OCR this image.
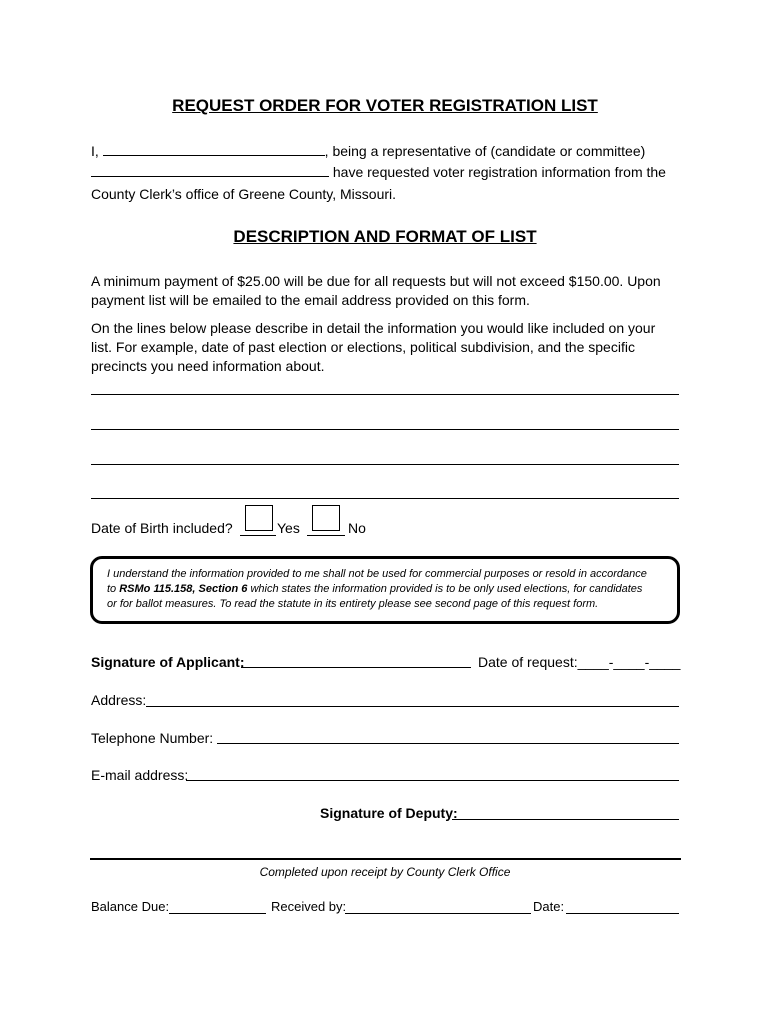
REQUEST ORDER FOR VOTER REGISTRATION LIST
I,	, being a representative of (candidate or committee)
have requested voter registration information from the
County Clerk’s office of Greene County, Missouri.
DESCRIPTION AND FORMAT OF LIST
A minimum payment of $25.00 will be due for all requests but will not exceed $150.00. Upon
payment list will be emailed to the email address provided on this form.
On the lines below please describe in detail the information you would like included on your
list. For example, date of past election or elections, political subdivision, and the specific
precincts you need information about.
Date of Birth included?	Yes	No
I understand the information provided to me shall not be used for commercial purposes or resold in accordance
to RSMo 115.158, Section 6 which states the information provided is to be only used elections, for candidates
or for ballot measures. To read the statute in its entirety please see second page of this request form.
Signature of Applicant:	Date of request:____-____-____
Address:
Telephone Number:
E-mail address:
Signature of Deputy:
Completed upon receipt by County Clerk Office
Balance Due:	Received by:	Date:
